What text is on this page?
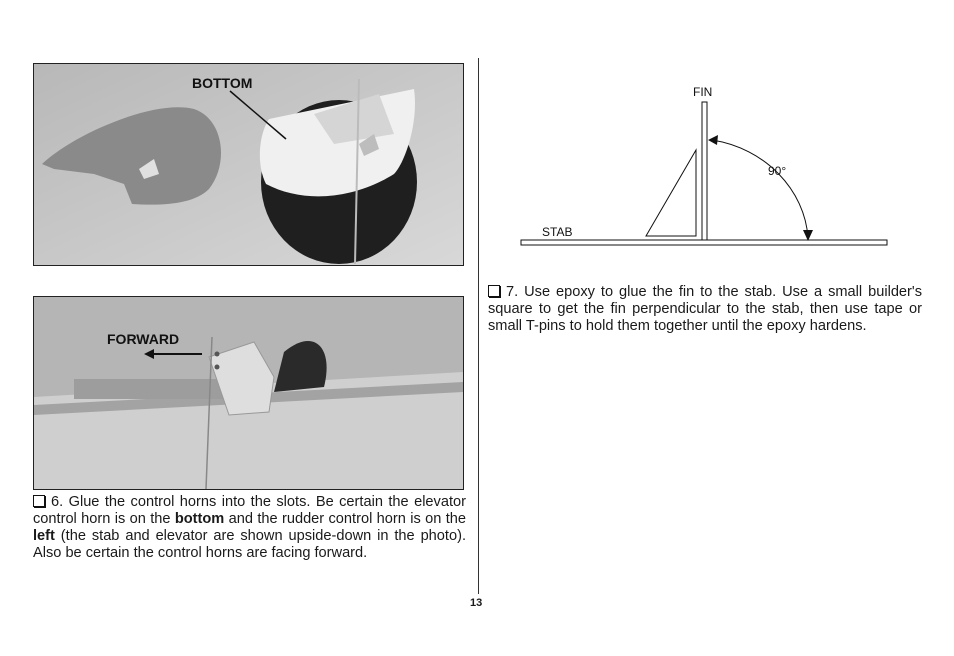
BOTTOM
FORWARD

6. Glue the control horns into the slots. Be certain the elevator control horn is on the bottom and the rudder control horn is on the left (the stab and elevator are shown upside-down in the photo). Also be certain the control horns are facing forward.

FIN
STAB
90°

7. Use epoxy to glue the fin to the stab. Use a small builder's square to get the fin perpendicular to the stab, then use tape or small T-pins to hold them together until the epoxy hardens.

13
